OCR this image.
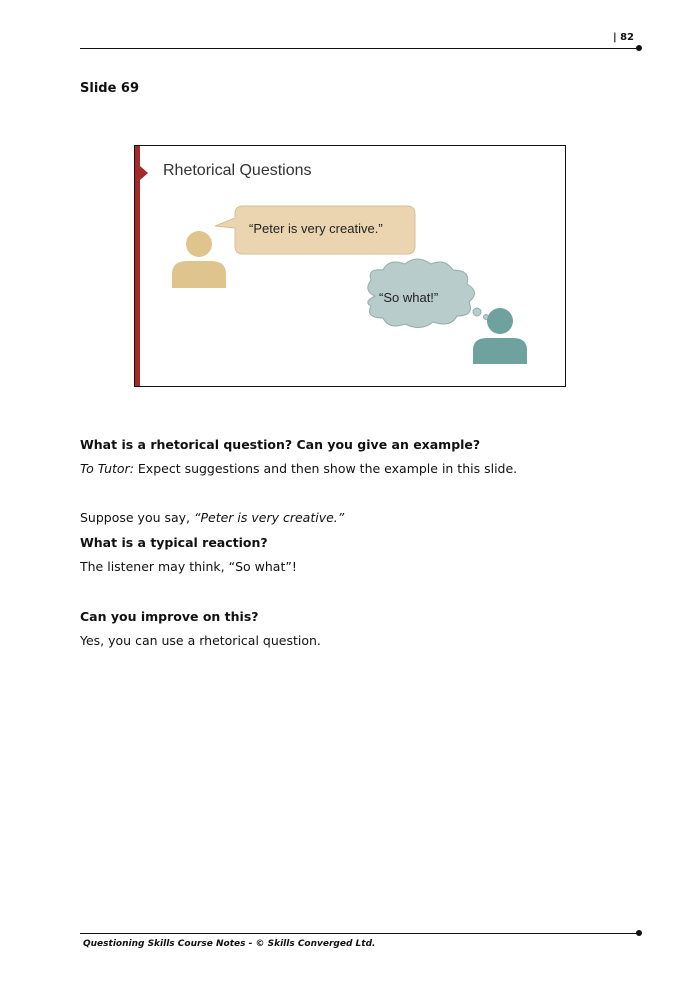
| 82
Slide 69
Rhetorical Questions
“Peter is very creative.”
“So what!”
What is a rhetorical question? Can you give an example?
To Tutor: Expect suggestions and then show the example in this slide.
Suppose you say, “Peter is very creative.”
What is a typical reaction?
The listener may think, “So what”!
Can you improve on this?
Yes, you can use a rhetorical question.
Questioning Skills Course Notes - © Skills Converged Ltd.
